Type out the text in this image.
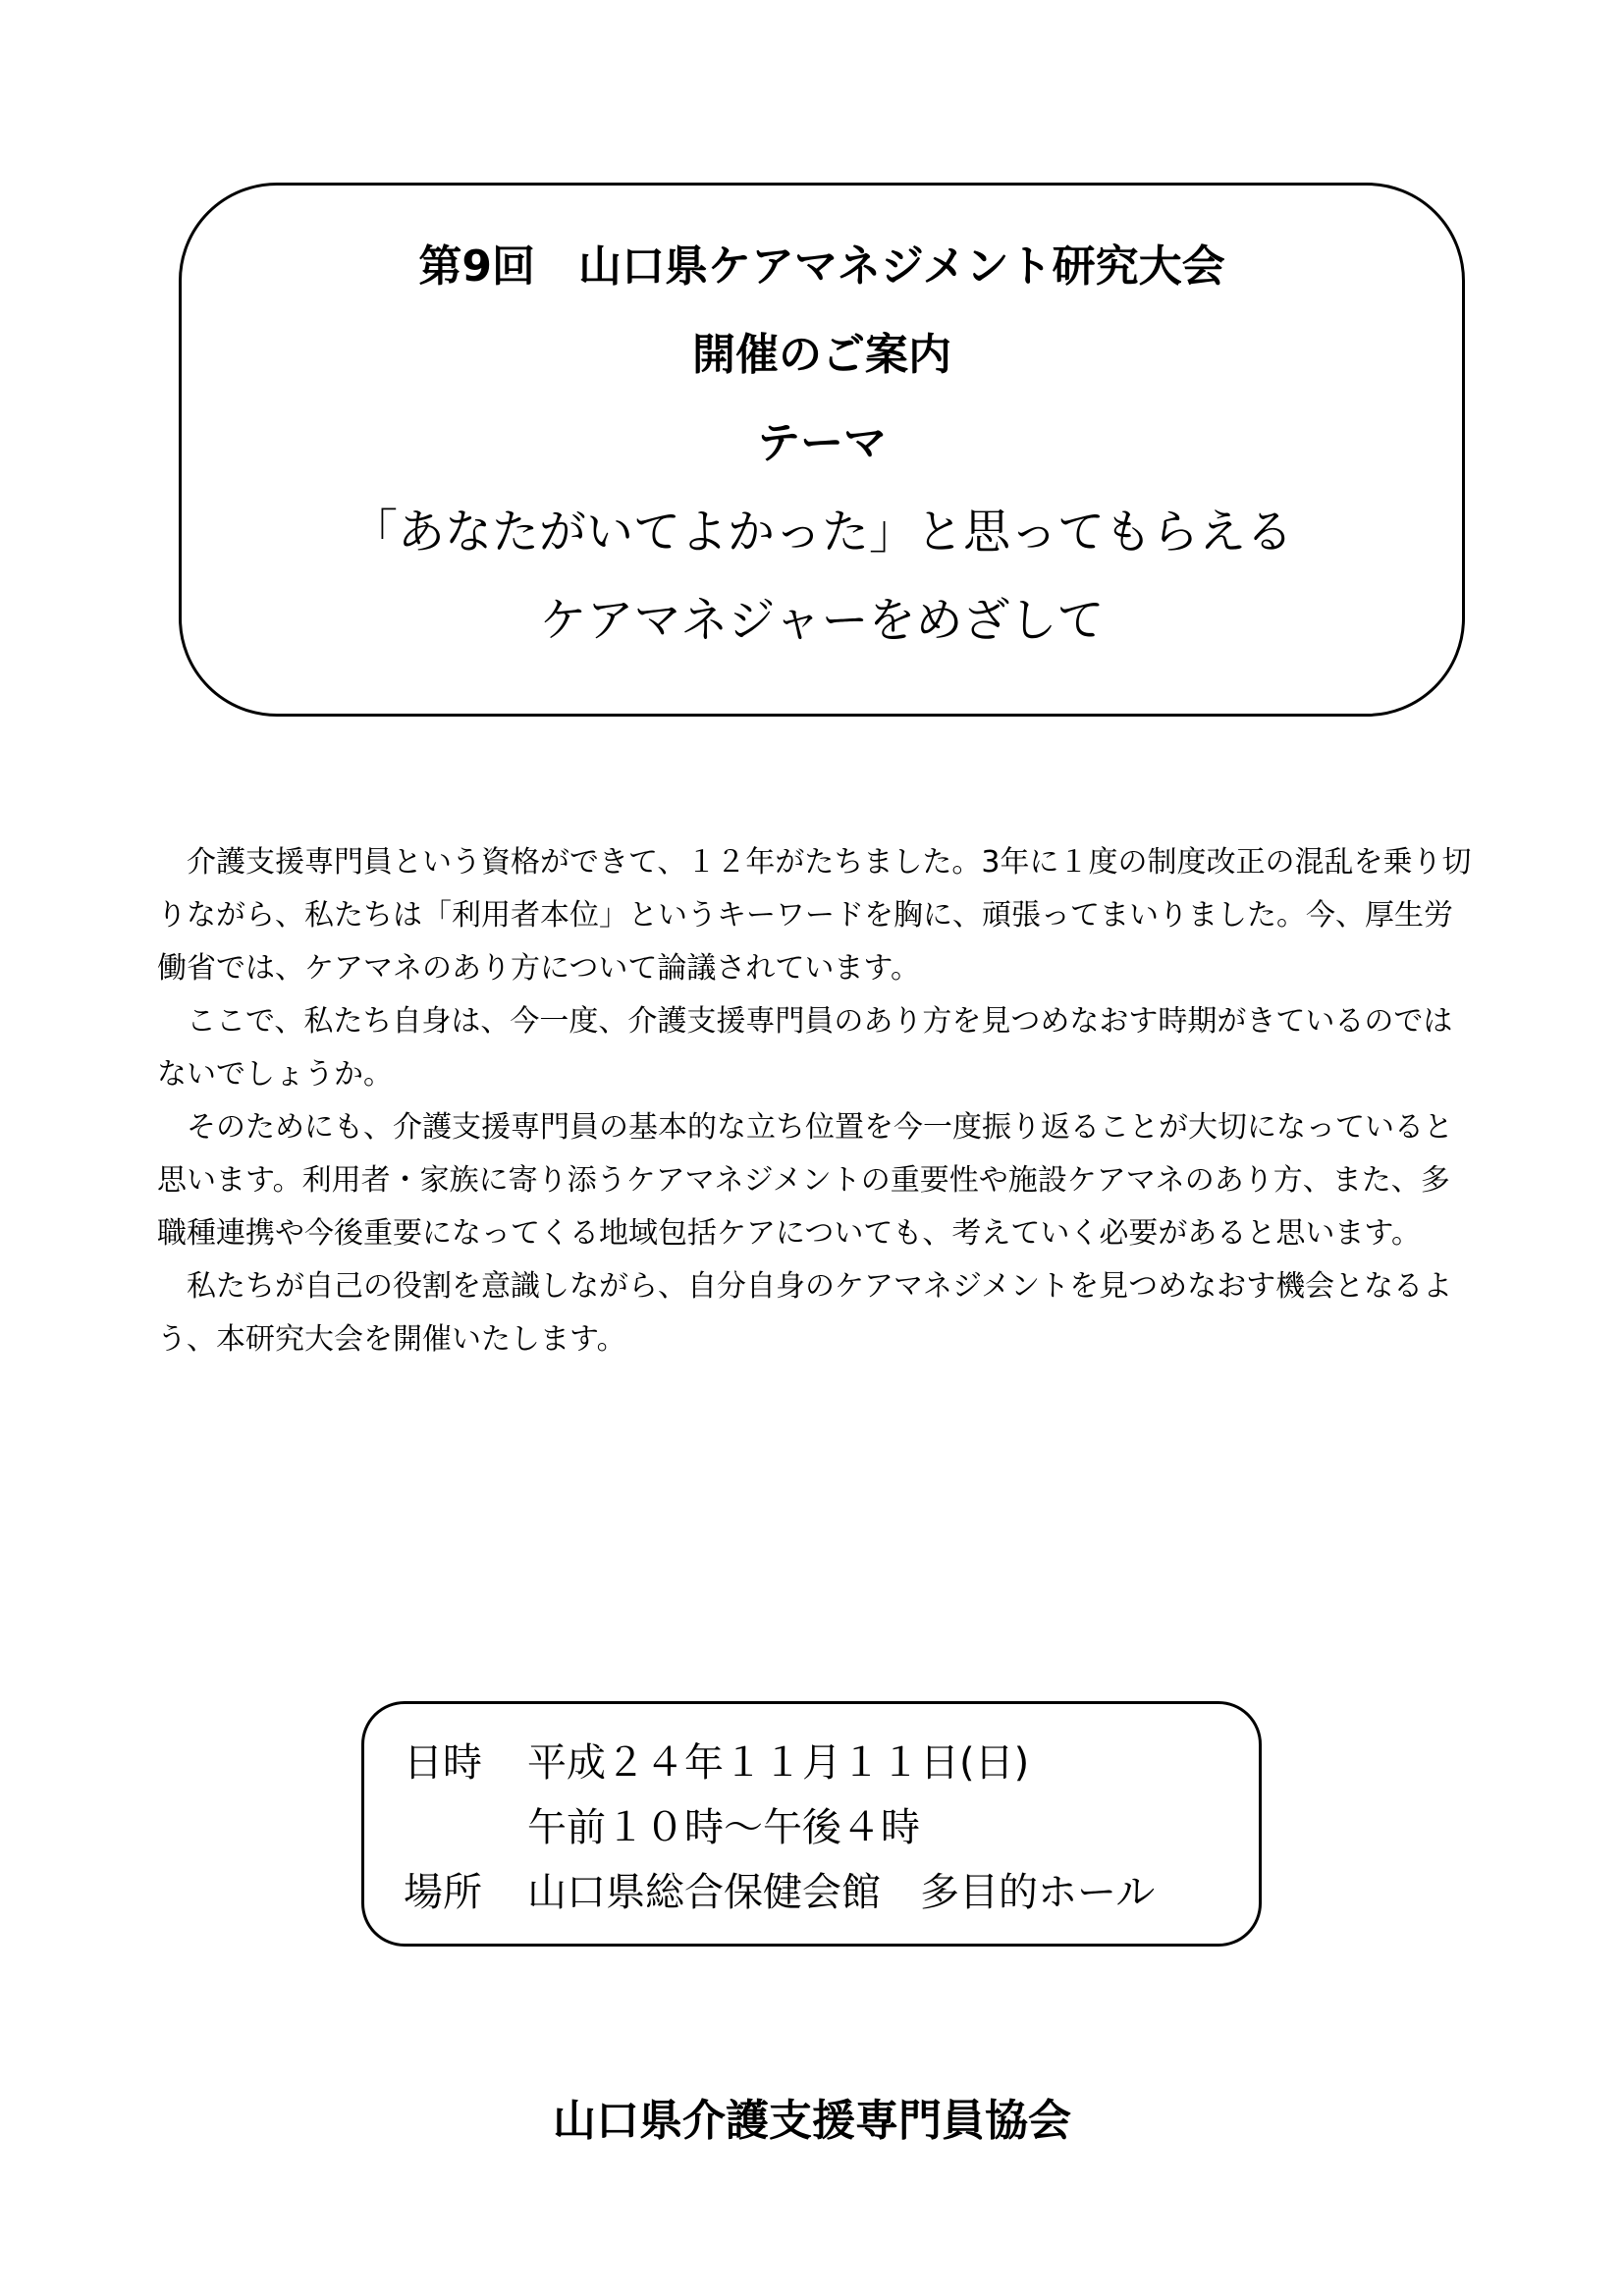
第9回　山口県ケアマネジメント研究大会
開催のご案内
テーマ
「あなたがいてよかった」と思ってもらえる
ケアマネジャーをめざして

介護支援専門員という資格ができて、１２年がたちました。3年に１度の制度改正の混乱を乗り切りながら、私たちは「利用者本位」というキーワードを胸に、頑張ってまいりました。今、厚生労働省では、ケアマネのあり方について論議されています。

ここで、私たち自身は、今一度、介護支援専門員のあり方を見つめなおす時期がきているのではないでしょうか。

そのためにも、介護支援専門員の基本的な立ち位置を今一度振り返ることが大切になっていると思います。利用者・家族に寄り添うケアマネジメントの重要性や施設ケアマネのあり方、また、多職種連携や今後重要になってくる地域包括ケアについても、考えていく必要があると思います。

私たちが自己の役割を意識しながら、自分自身のケアマネジメントを見つめなおす機会となるよう、本研究大会を開催いたします。

日時 平成２４年１１月１１日(日)
午前１０時～午後４時
場所 山口県総合保健会館　多目的ホール
山口県介護支援専門員協会
